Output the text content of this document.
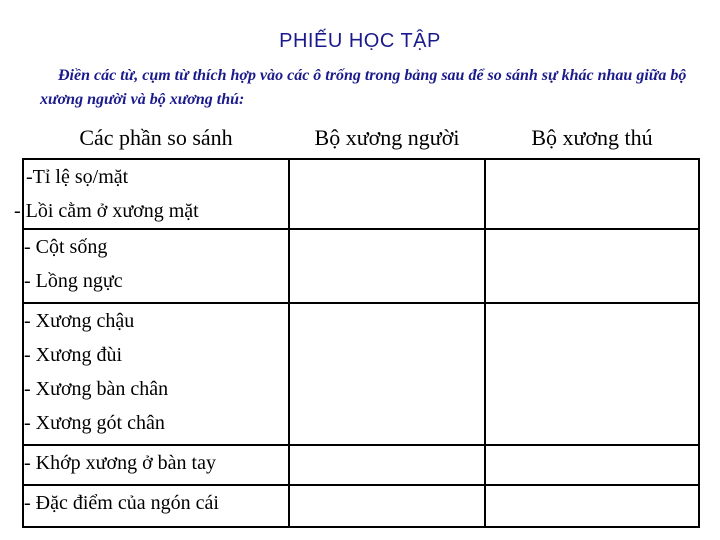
PHIẾU HỌC TẬP
Điền các từ, cụm từ thích hợp vào các ô trống trong bảng sau để so sánh sự khác nhau giữa bộ xương người và bộ xương thú:
Các phần so sánh	Bộ xương người	Bộ xương thú

-Tỉ lệ sọ/mặt
- Lồi cằm ở xương mặt		

- Cột sống
- Lồng ngực		

- Xương chậu
- Xương đùi
- Xương bàn chân
- Xương gót chân		

- Khớp xương ở bàn tay		

- Đặc điểm của ngón cái		
